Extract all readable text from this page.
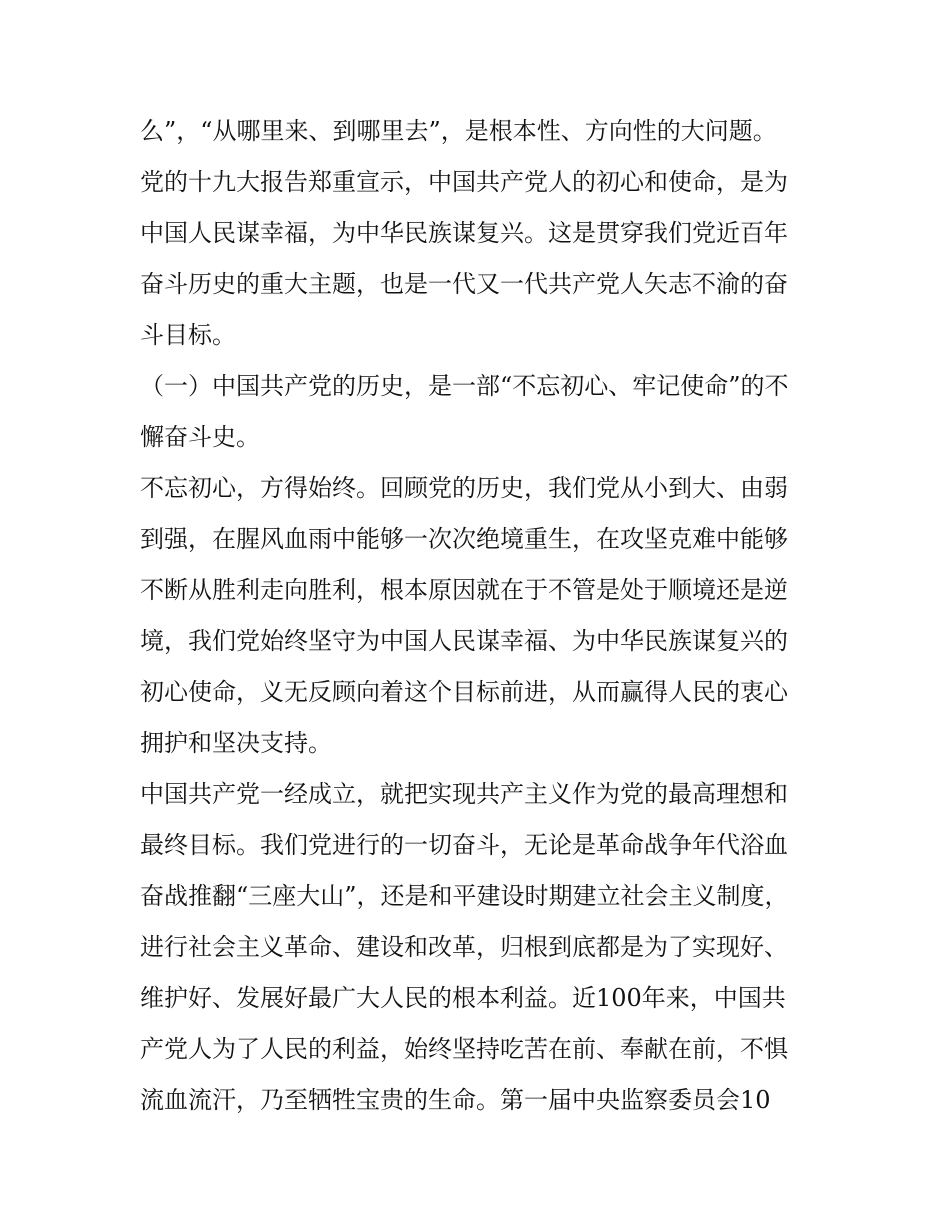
么”，“从哪里来、到哪里去”，是根本性、方向性的大问题。
党的十九大报告郑重宣示，中国共产党人的初心和使命，是为
中国人民谋幸福，为中华民族谋复兴。这是贯穿我们党近百年
奋斗历史的重大主题，也是一代又一代共产党人矢志不渝的奋
斗目标。
（一）中国共产党的历史，是一部“不忘初心、牢记使命”的不
懈奋斗史。
不忘初心，方得始终。回顾党的历史，我们党从小到大、由弱
到强，在腥风血雨中能够一次次绝境重生，在攻坚克难中能够
不断从胜利走向胜利，根本原因就在于不管是处于顺境还是逆
境，我们党始终坚守为中国人民谋幸福、为中华民族谋复兴的
初心使命，义无反顾向着这个目标前进，从而赢得人民的衷心
拥护和坚决支持。
中国共产党一经成立，就把实现共产主义作为党的最高理想和
最终目标。我们党进行的一切奋斗，无论是革命战争年代浴血
奋战推翻“三座大山”，还是和平建设时期建立社会主义制度，
进行社会主义革命、建设和改革，归根到底都是为了实现好、
维护好、发展好最广大人民的根本利益。近100年来，中国共
产党人为了人民的利益，始终坚持吃苦在前、奉献在前，不惧
流血流汗，乃至牺牲宝贵的生命。第一届中央监察委员会10
